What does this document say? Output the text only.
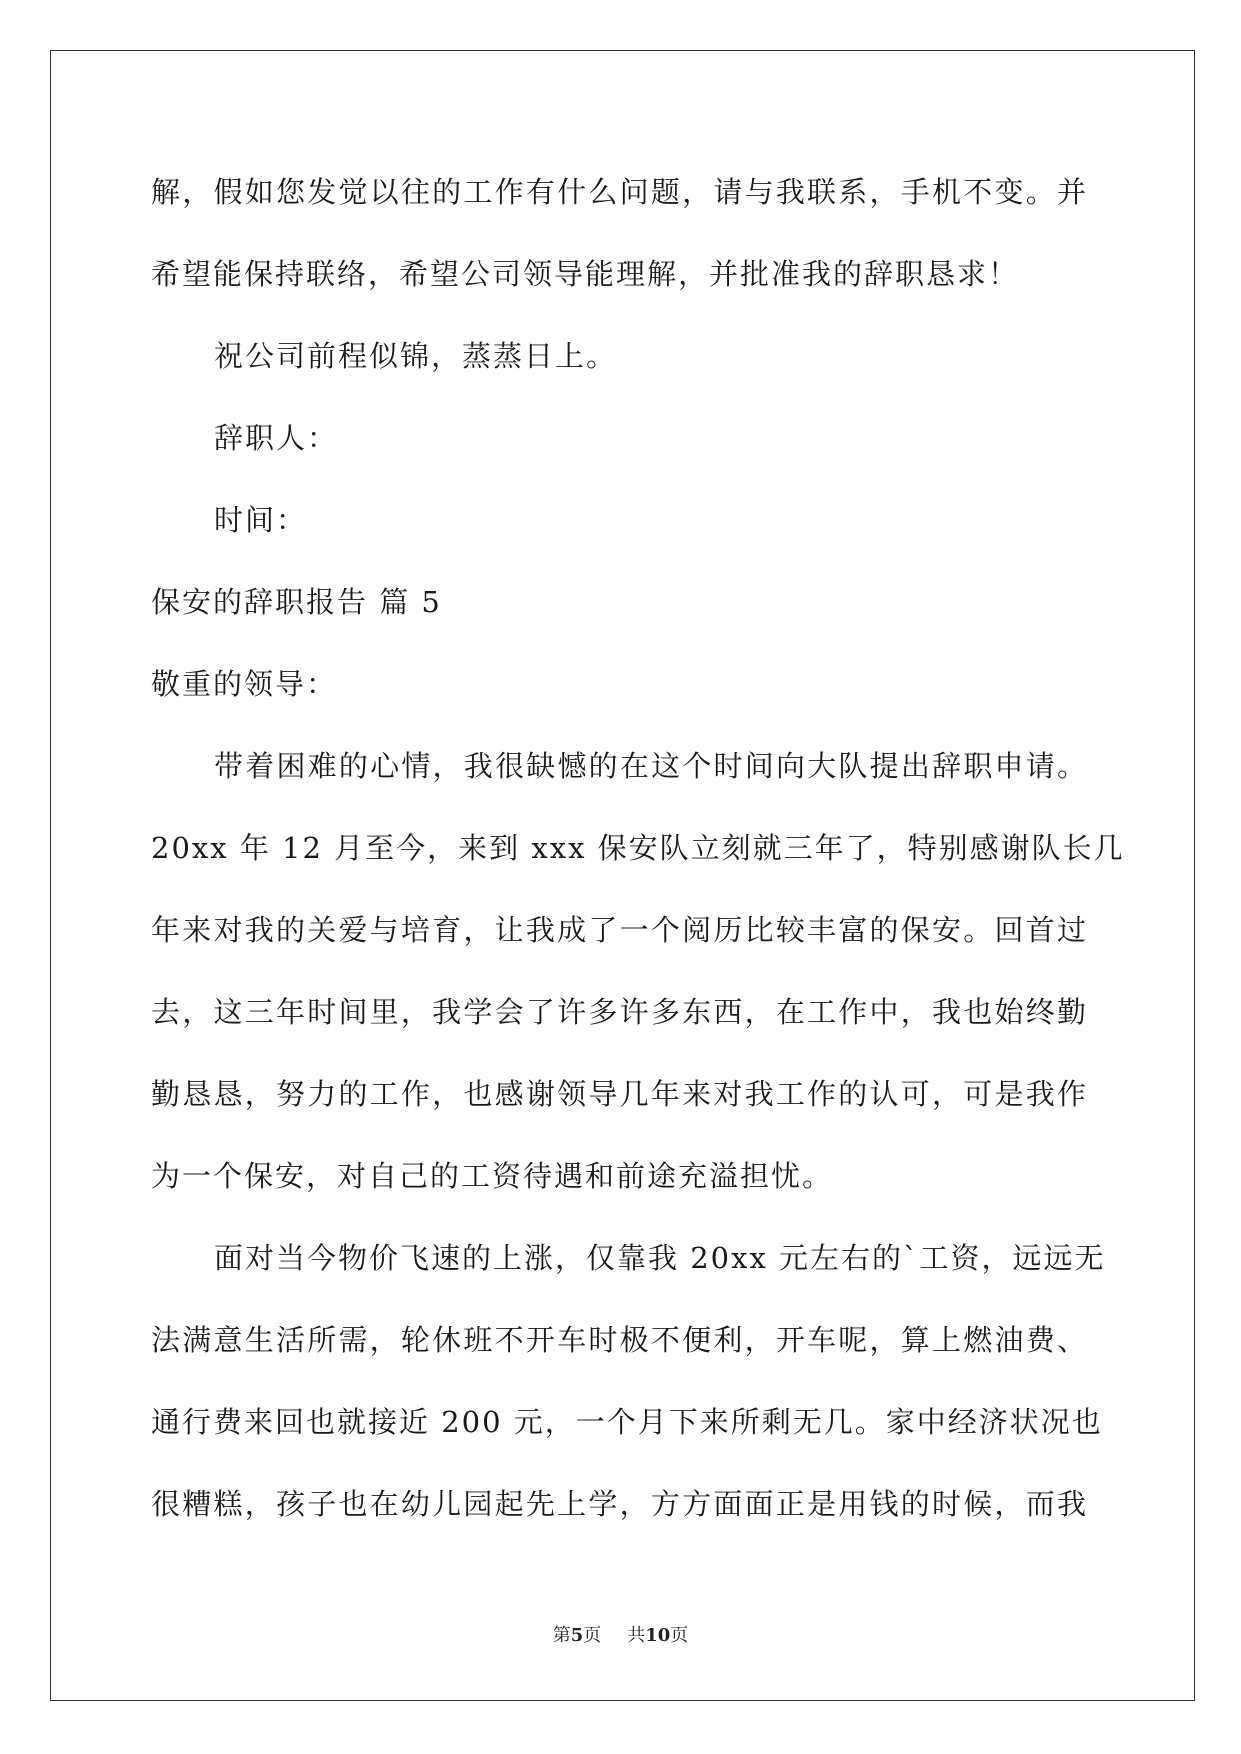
解，假如您发觉以往的工作有什么问题，请与我联系，手机不变。并
希望能保持联络，希望公司领导能理解，并批准我的辞职恳求！
祝公司前程似锦，蒸蒸日上。
辞职人：
时间：
保安的辞职报告 篇 5
敬重的领导：
带着困难的心情，我很缺憾的在这个时间向大队提出辞职申请。
20xx 年 12 月至今，来到 xxx 保安队立刻就三年了，特别感谢队长几
年来对我的关爱与培育，让我成了一个阅历比较丰富的保安。回首过
去，这三年时间里，我学会了许多许多东西，在工作中，我也始终勤
勤恳恳，努力的工作，也感谢领导几年来对我工作的认可，可是我作
为一个保安，对自己的工资待遇和前途充溢担忧。
面对当今物价飞速的上涨，仅靠我 20xx 元左右的`工资，远远无
法满意生活所需，轮休班不开车时极不便利，开车呢，算上燃油费、
通行费来回也就接近 200 元，一个月下来所剩无几。家中经济状况也
很糟糕，孩子也在幼儿园起先上学，方方面面正是用钱的时候，而我
第5页 共10页
